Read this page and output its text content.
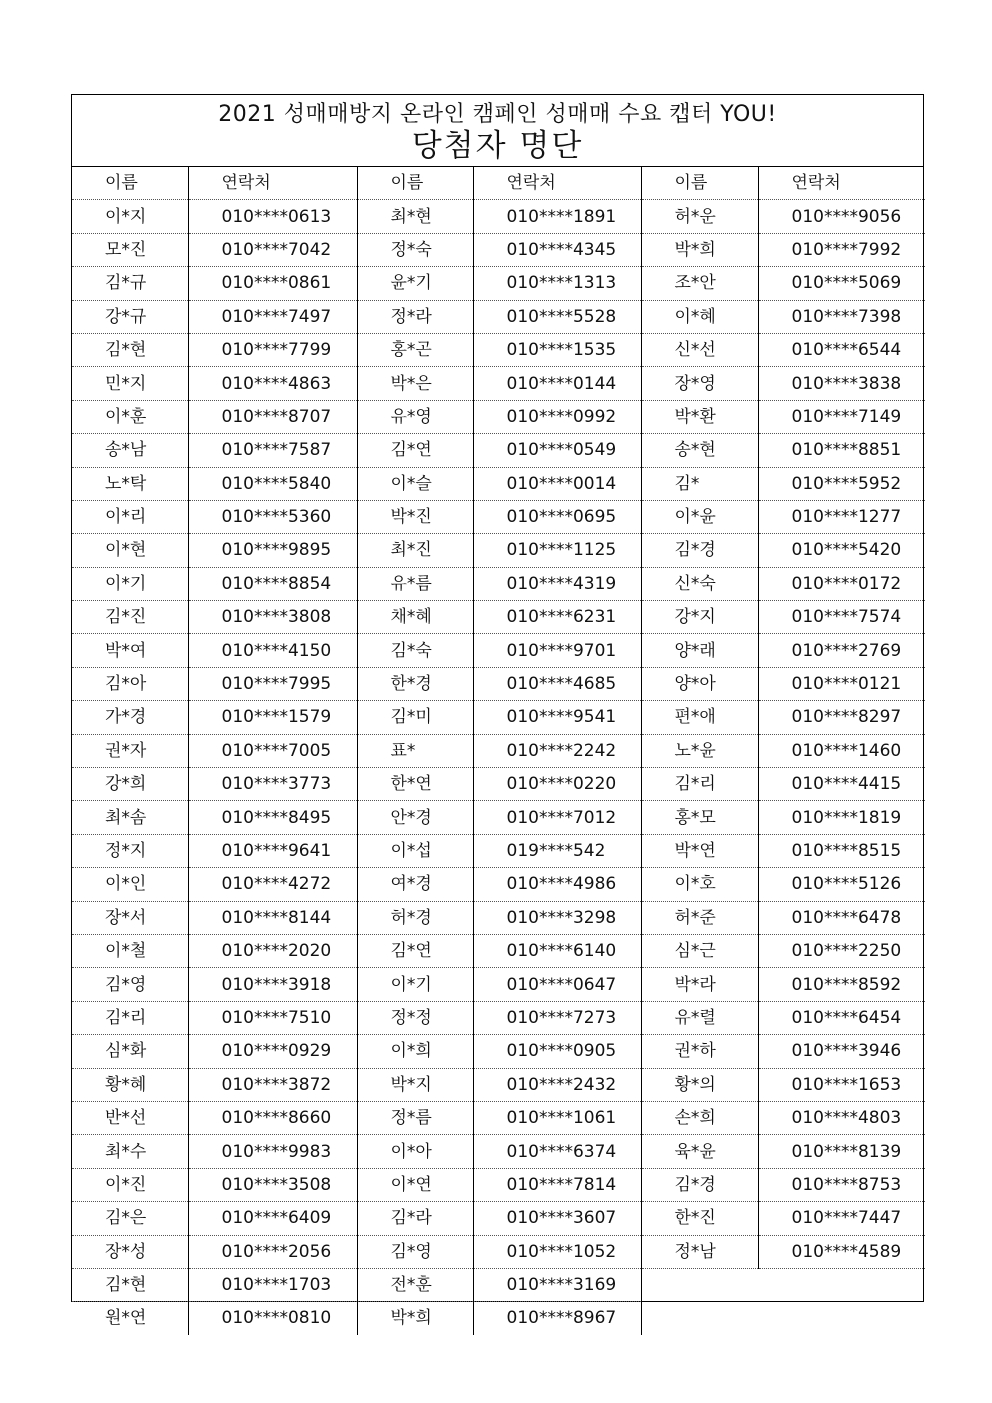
2021 성매매방지 온라인 캠페인 성매매 수요 캡터 YOU!
당첨자 명단
이름	연락처	이름	연락처	이름	연락처
이*지	010****0613	최*현	010****1891	허*운	010****9056
모*진	010****7042	정*숙	010****4345	박*희	010****7992
김*규	010****0861	윤*기	010****1313	조*안	010****5069
강*규	010****7497	정*라	010****5528	이*혜	010****7398
김*현	010****7799	홍*곤	010****1535	신*선	010****6544
민*지	010****4863	박*은	010****0144	장*영	010****3838
이*훈	010****8707	유*영	010****0992	박*환	010****7149
송*남	010****7587	김*연	010****0549	송*현	010****8851
노*탁	010****5840	이*슬	010****0014	김*	010****5952
이*리	010****5360	박*진	010****0695	이*윤	010****1277
이*현	010****9895	최*진	010****1125	김*경	010****5420
이*기	010****8854	유*름	010****4319	신*숙	010****0172
김*진	010****3808	채*혜	010****6231	강*지	010****7574
박*여	010****4150	김*숙	010****9701	양*래	010****2769
김*아	010****7995	한*경	010****4685	양*아	010****0121
가*경	010****1579	김*미	010****9541	편*애	010****8297
권*자	010****7005	표*	010****2242	노*윤	010****1460
강*희	010****3773	한*연	010****0220	김*리	010****4415
최*솜	010****8495	안*경	010****7012	홍*모	010****1819
정*지	010****9641	이*섭	019****542	박*연	010****8515
이*인	010****4272	여*경	010****4986	이*호	010****5126
장*서	010****8144	허*경	010****3298	허*준	010****6478
이*철	010****2020	김*연	010****6140	심*근	010****2250
김*영	010****3918	이*기	010****0647	박*라	010****8592
김*리	010****7510	정*정	010****7273	유*렬	010****6454
심*화	010****0929	이*희	010****0905	권*하	010****3946
황*혜	010****3872	박*지	010****2432	황*의	010****1653
반*선	010****8660	정*름	010****1061	손*희	010****4803
최*수	010****9983	이*아	010****6374	육*윤	010****8139
이*진	010****3508	이*연	010****7814	김*경	010****8753
김*은	010****6409	김*라	010****3607	한*진	010****7447
장*성	010****2056	김*영	010****1052	정*남	010****4589
김*현	010****1703	전*훈	010****3169		
원*연	010****0810	박*희	010****8967		
